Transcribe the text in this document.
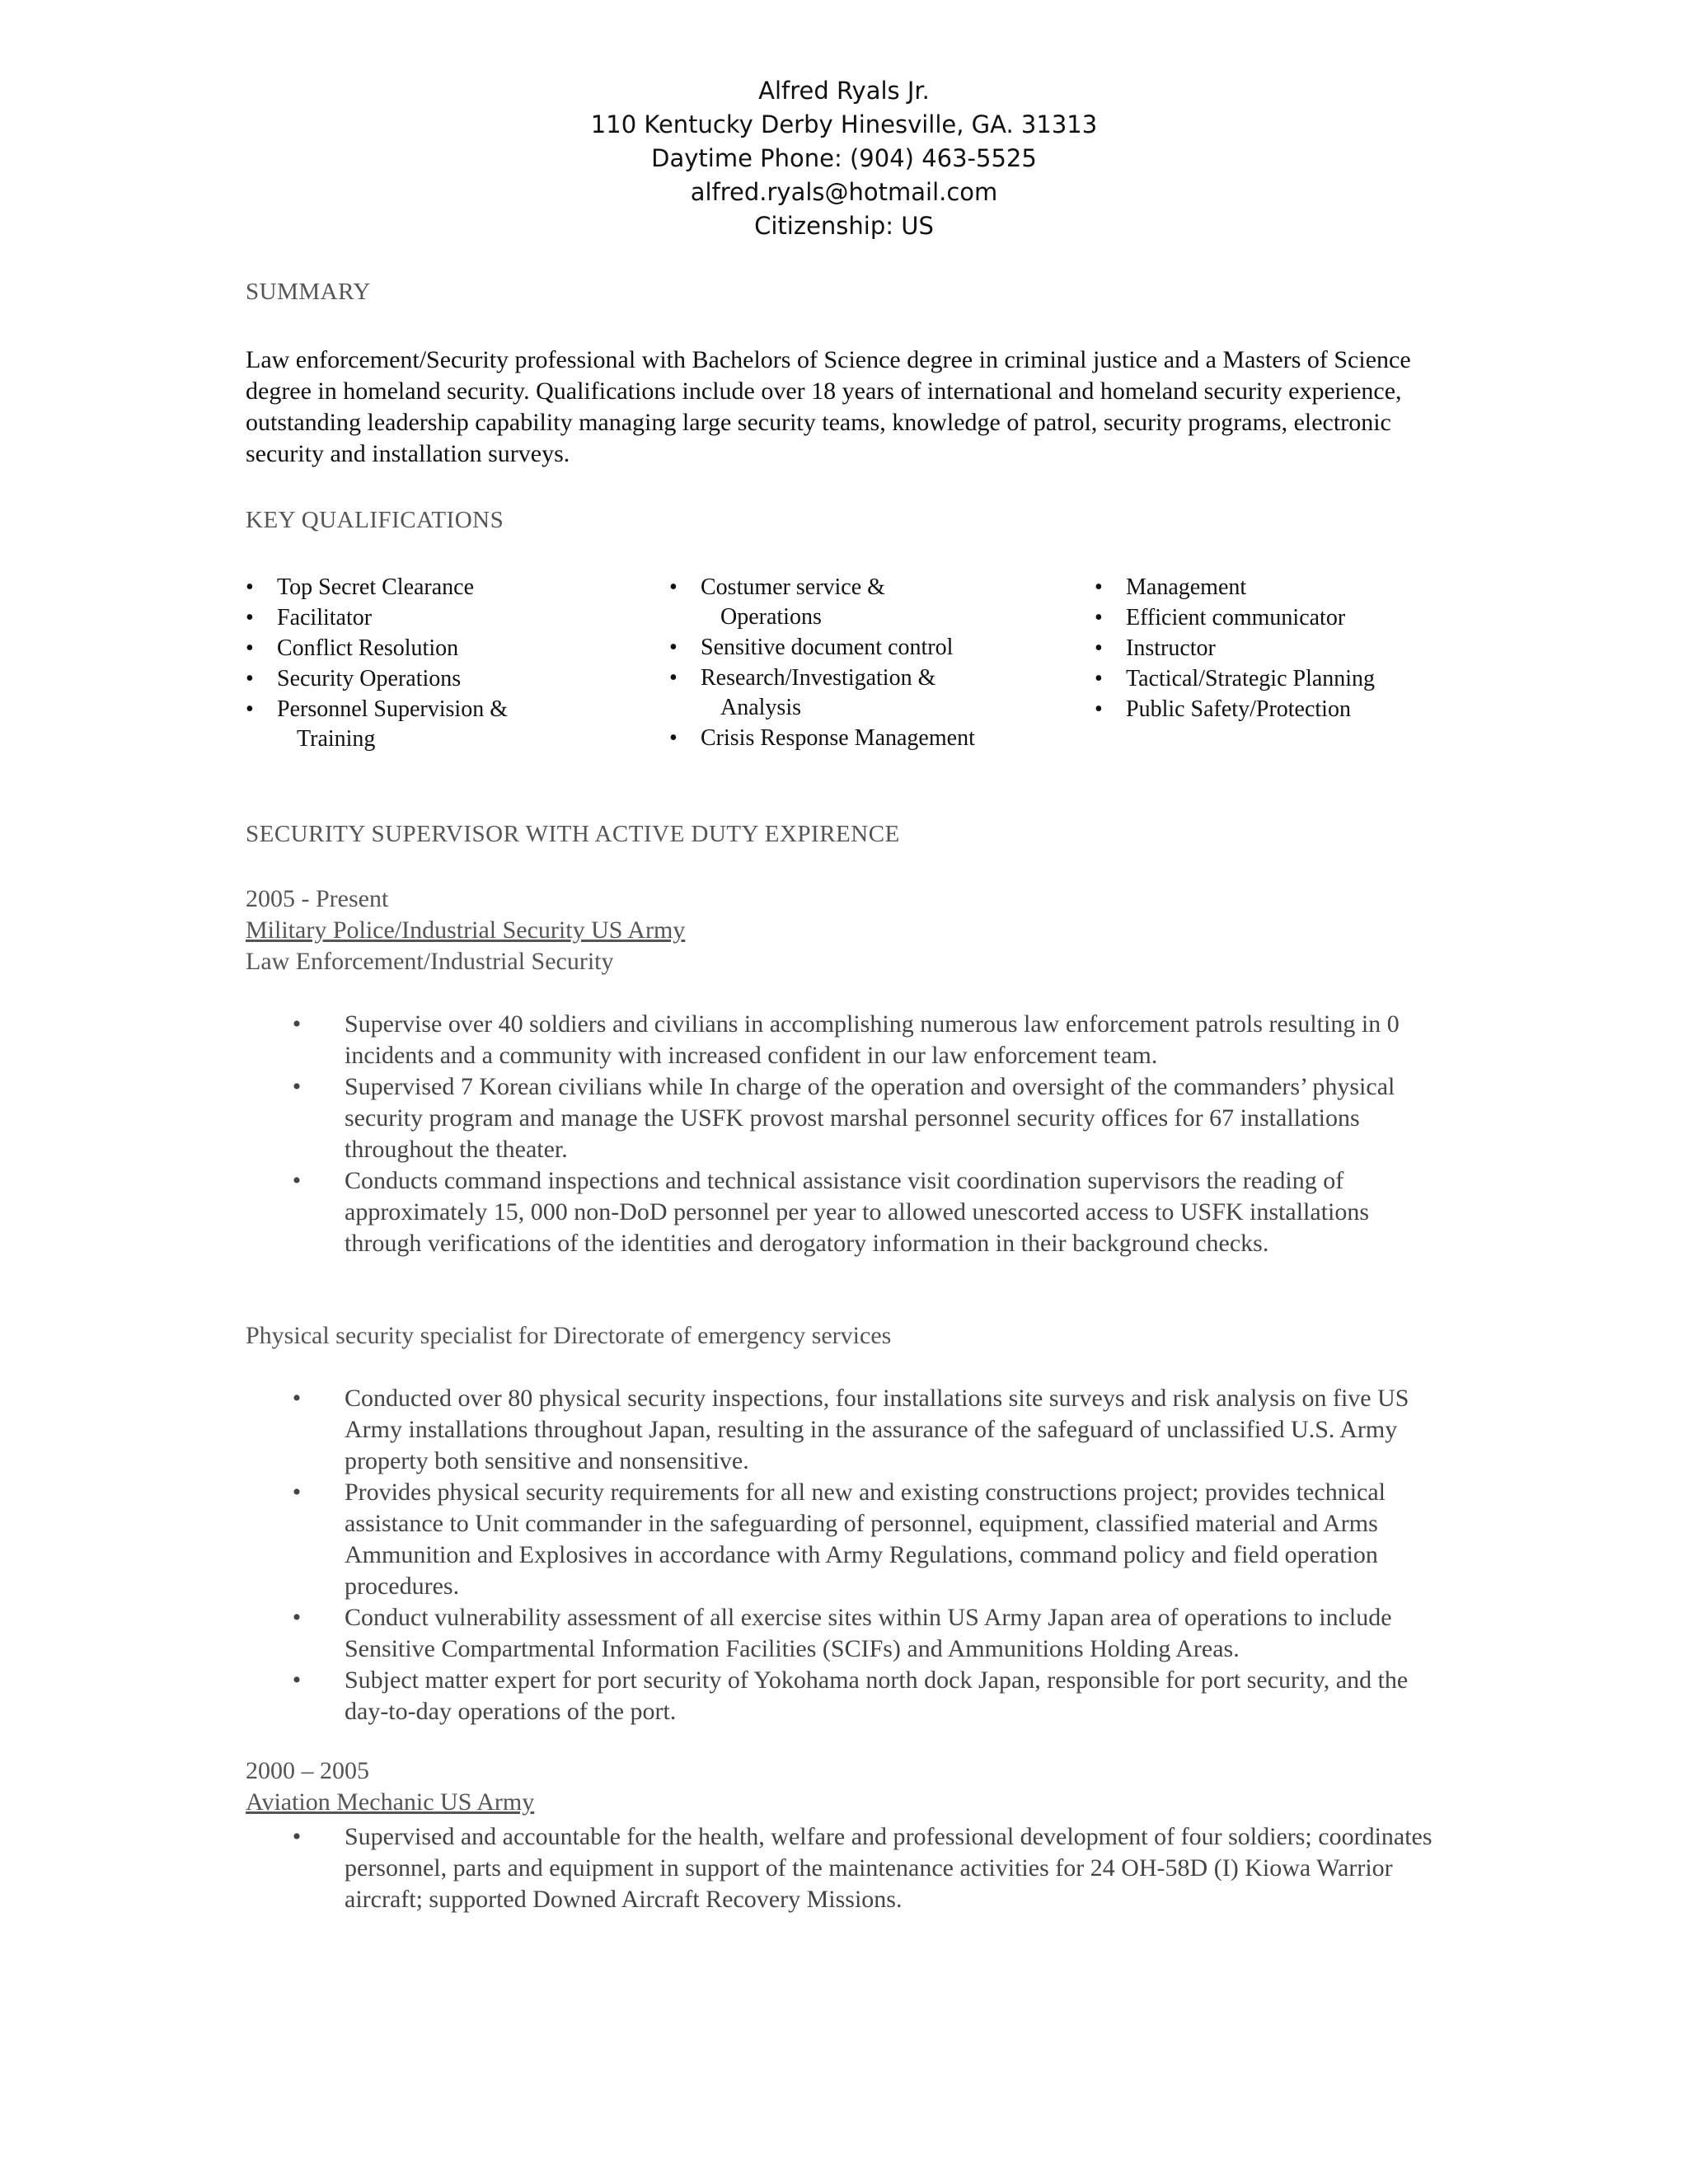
Alfred Ryals Jr.
110 Kentucky Derby Hinesville, GA. 31313
Daytime Phone: (904) 463-5525
alfred.ryals@hotmail.com
Citizenship: US
SUMMARY
Law enforcement/Security professional with Bachelors of Science degree in criminal justice and a Masters of Science degree in homeland security. Qualifications include over 18 years of international and homeland security experience, outstanding leadership capability managing large security teams, knowledge of patrol, security programs, electronic security and installation surveys.
KEY QUALIFICATIONS
• Top Secret Clearance
• Facilitator
• Conflict Resolution
• Security Operations
• Personnel Supervision &
Training
• Costumer service &
Operations
• Sensitive document control
• Research/Investigation &
Analysis
• Crisis Response Management
• Management
• Efficient communicator
• Instructor
• Tactical/Strategic Planning
• Public Safety/Protection
SECURITY SUPERVISOR WITH ACTIVE DUTY EXPIRENCE
2005 - Present
Military Police/Industrial Security US Army
Law Enforcement/Industrial Security
• Supervise over 40 soldiers and civilians in accomplishing numerous law enforcement patrols resulting in 0 incidents and a community with increased confident in our law enforcement team.
• Supervised 7 Korean civilians while In charge of the operation and oversight of the commanders’ physical security program and manage the USFK provost marshal personnel security offices for 67 installations throughout the theater.
• Conducts command inspections and technical assistance visit coordination supervisors the reading of approximately 15, 000 non-DoD personnel per year to allowed unescorted access to USFK installations through verifications of the identities and derogatory information in their background checks.
Physical security specialist for Directorate of emergency services
• Conducted over 80 physical security inspections, four installations site surveys and risk analysis on five US Army installations throughout Japan, resulting in the assurance of the safeguard of unclassified U.S. Army property both sensitive and nonsensitive.
• Provides physical security requirements for all new and existing constructions project; provides technical assistance to Unit commander in the safeguarding of personnel, equipment, classified material and Arms Ammunition and Explosives in accordance with Army Regulations, command policy and field operation procedures.
• Conduct vulnerability assessment of all exercise sites within US Army Japan area of operations to include Sensitive Compartmental Information Facilities (SCIFs) and Ammunitions Holding Areas.
• Subject matter expert for port security of Yokohama north dock Japan, responsible for port security, and the day-to-day operations of the port.
2000 – 2005
Aviation Mechanic US Army
• Supervised and accountable for the health, welfare and professional development of four soldiers; coordinates personnel, parts and equipment in support of the maintenance activities for 24 OH-58D (I) Kiowa Warrior aircraft; supported Downed Aircraft Recovery Missions.
